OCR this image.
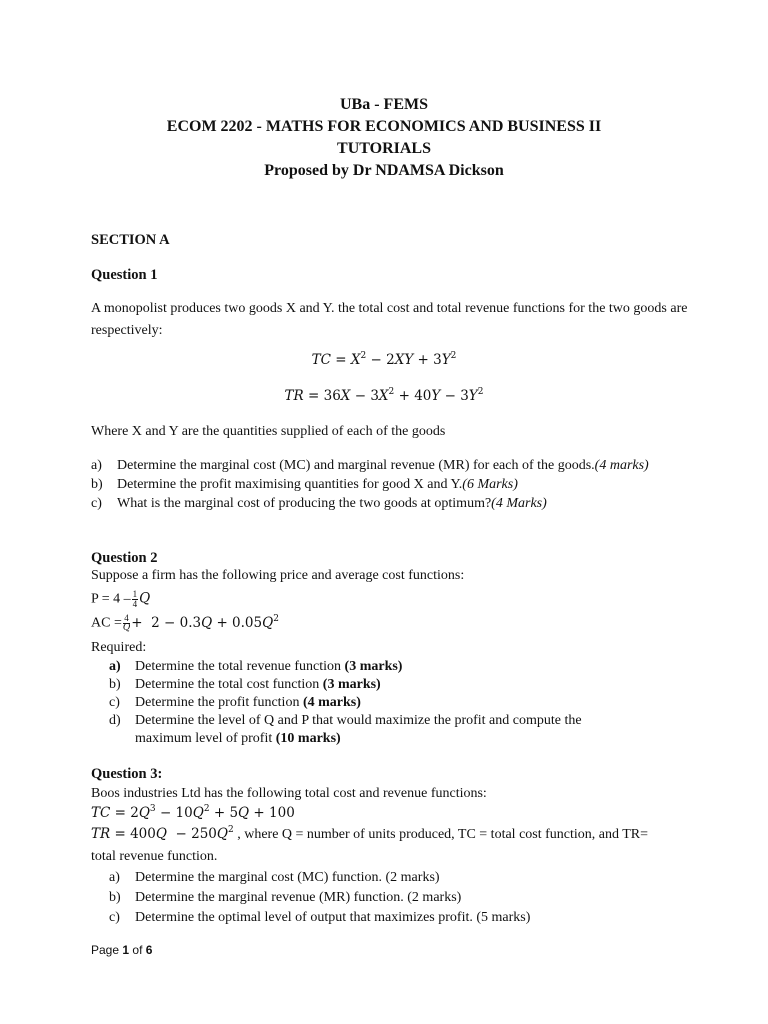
UBa - FEMS
ECOM 2202 - MATHS FOR ECONOMICS AND BUSINESS II
TUTORIALS
Proposed by Dr NDAMSA Dickson
SECTION A
Question 1
A monopolist produces two goods X and Y. the total cost and total revenue functions for the two goods are respectively:
TC = $X^2 - 2XY + 3Y^2$
TR = $36X - 3X^2 + 40Y - 3Y^2$
Where X and Y are the quantities supplied of each of the goods
a) Determine the marginal cost (MC) and marginal revenue (MR) for each of the goods.(4 marks)
b) Determine the profit maximising quantities for good X and Y.(6 Marks)
c) What is the marginal cost of producing the two goods at optimum?(4 Marks)
Question 2
Suppose a firm has the following price and average cost functions:
$P = 4 - \frac{1}{4}$ Q
AC = $\frac{4}{Q} + 2 - 0.3Q + 0.05Q^2$
Required:
a) Determine the total revenue function (3 marks)
b) Determine the total cost function (3 marks)
c) Determine the profit function (4 marks)
d) Determine the level of Q and P that would maximize the profit and compute the maximum level of profit (10 marks)
Question 3:
Boos industries Ltd has the following total cost and revenue functions:
TC = $2Q^3 - 10Q^2 + 5Q + 100$
TR = $400Q - 250Q^2$ , where Q = number of units produced, TC = total cost function, and TR=
total revenue function.
a) Determine the marginal cost (MC) function. (2 marks)
b) Determine the marginal revenue (MR) function. (2 marks)
c) Determine the optimal level of output that maximizes profit. (5 marks)
Page 1 of 6
